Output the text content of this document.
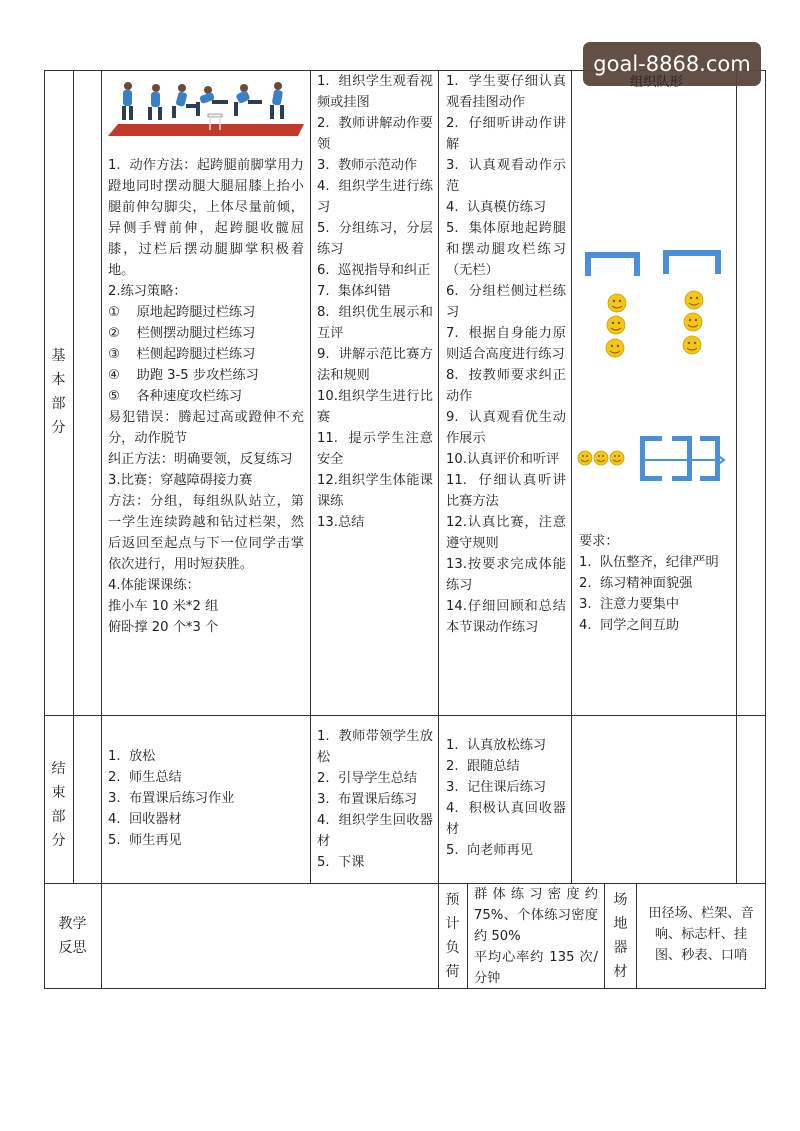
goal-8868.com
基
本
部
分
1.  动作方法：起跨腿前脚掌用力蹬地同时摆动腿大腿屈膝上抬小腿前伸勾脚尖，上体尽量前倾，异侧手臂前伸，起跨腿收髋屈膝，过栏后摆动腿脚掌积极着地。
2.练习策略：
①    原地起跨腿过栏练习
②    栏侧摆动腿过栏练习
③    栏侧起跨腿过栏练习
④    助跑 3-5 步攻栏练习
⑤    各种速度攻栏练习
易犯错误：腾起过高或蹬伸不充分，动作脱节
纠正方法：明确要领，反复练习
3.比赛：穿越障碍接力赛
方法：分组，每组纵队站立，第一学生连续跨越和钻过栏架，然后返回至起点与下一位同学击掌依次进行，用时短获胜。
4.体能课课练：
推小车 10 米*2 组
俯卧撑 20 个*3 个
1.  组织学生观看视频或挂图
2.  教师讲解动作要领
3.  教师示范动作
4.  组织学生进行练习
5.  分组练习，分层练习
6.  巡视指导和纠正
7.  集体纠错
8.  组织优生展示和互评
9.  讲解示范比赛方法和规则
10.组织学生进行比赛
11.  提示学生注意安全
12.组织学生体能课课练
13.总结
1.  学生要仔细认真观看挂图动作
2.  仔细听讲动作讲解
3.  认真观看动作示范
4.  认真模仿练习
5.  集体原地起跨腿和摆动腿攻栏练习（无栏）
6.  分组栏侧过栏练习
7.  根据自身能力原则适合高度进行练习
8.  按教师要求纠正动作
9.  认真观看优生动作展示
10.认真评价和听评
11.  仔细认真听讲比赛方法
12.认真比赛，注意遵守规则
13.按要求完成体能练习
14.仔细回顾和总结本节课动作练习
组织队形
要求：
1.  队伍整齐，纪律严明
2.  练习精神面貌强
3.  注意力要集中
4.  同学之间互助
结
束
部
分
1.  放松
2.  师生总结
3.  布置课后练习作业
4.  回收器材
5.  师生再见
1.  教师带领学生放松
2.  引导学生总结
3.  布置课后练习
4.  组织学生回收器材
5.  下课
1.  认真放松练习
2.  跟随总结
3.  记住课后练习
4.  积极认真回收器材
5.  向老师再见
教学
反思
预
计
负
荷
群体练习密度约 75%、个体练习密度约 50%
平均心率约 135 次/分钟
场
地
器
材
田径场、栏架、音响、标志杆、挂图、秒表、口哨
